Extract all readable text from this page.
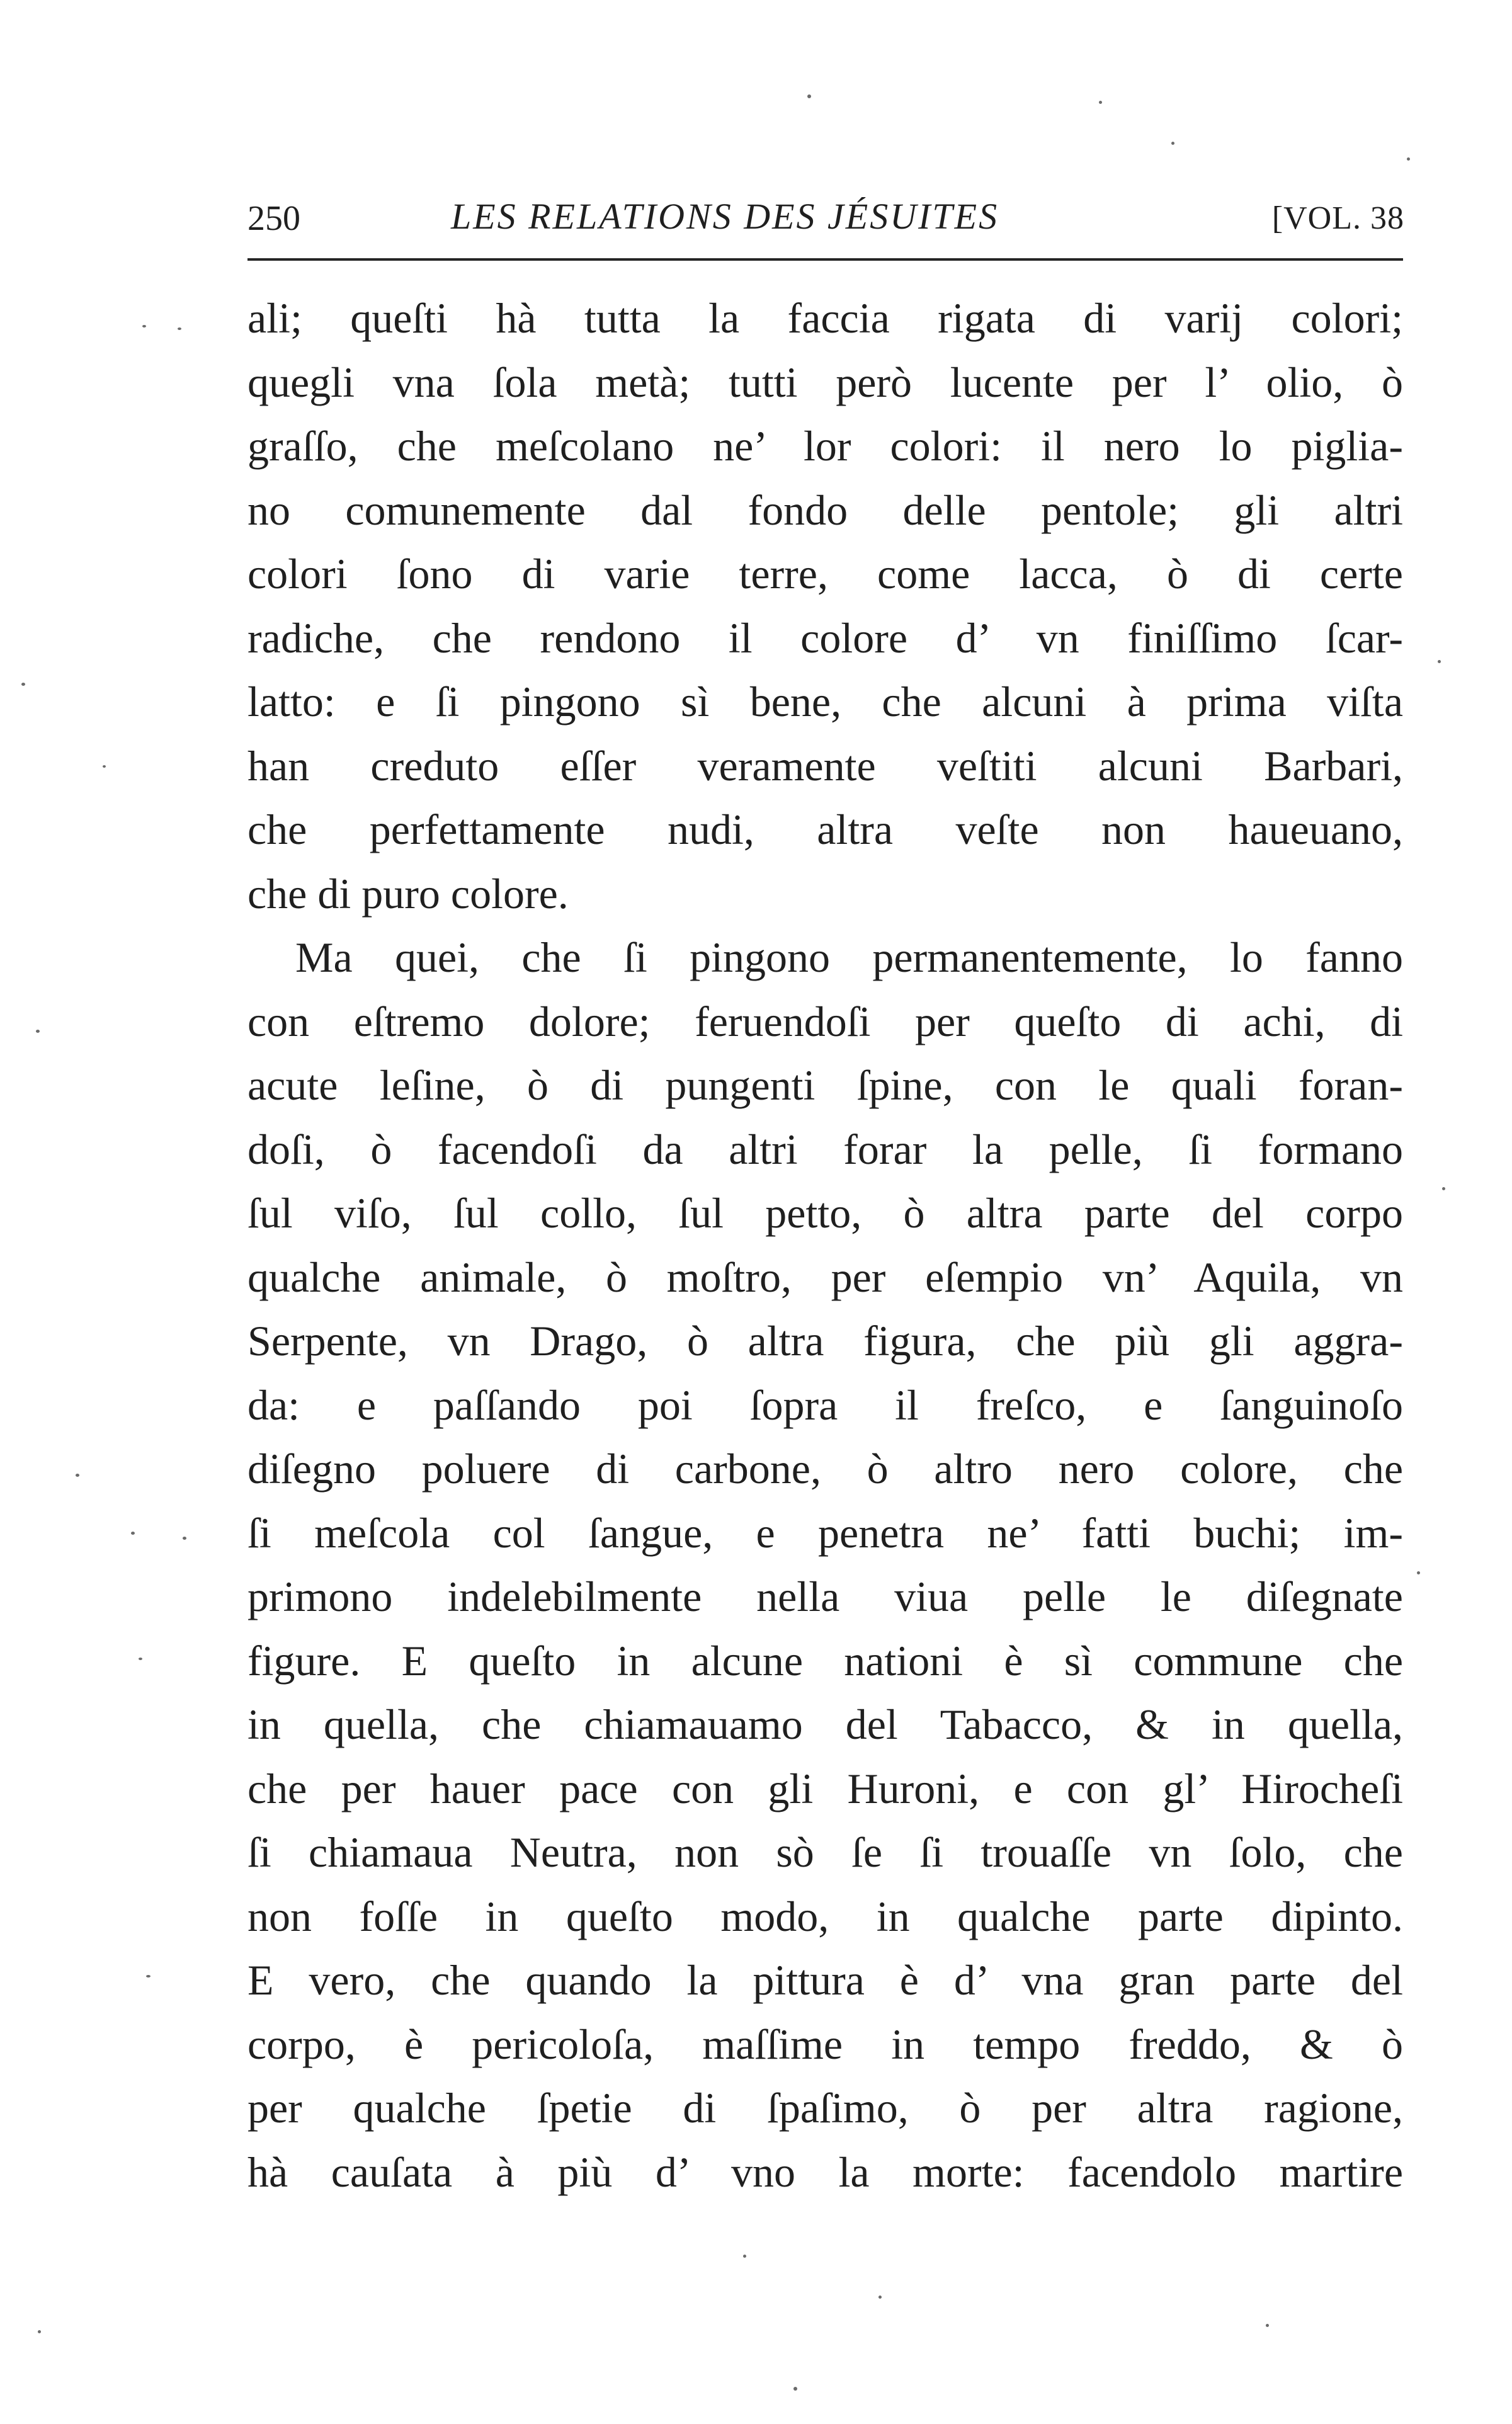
250	LES RELATIONS DES JÉSUITES	[VOL. 38
ali; queſti hà tutta la faccia rigata di varij colori;
quegli vna ſola metà; tutti però lucente per l’ olio, ò
graſſo, che meſcolano ne’ lor colori: il nero lo piglia-
no comunemente dal fondo delle pentole; gli altri
colori ſono di varie terre, come lacca, ò di certe
radiche, che rendono il colore d’ vn finiſſimo ſcar-
latto: e ſi pingono sì bene, che alcuni à prima viſta
han creduto eſſer veramente veſtiti alcuni Barbari,
che perfettamente nudi, altra veſte non haueuano,
che di puro colore.
Ma quei, che ſi pingono permanentemente, lo fanno
con eſtremo dolore; feruendoſi per queſto di achi, di
acute leſine, ò di pungenti ſpine, con le quali foran-
doſi, ò facendoſi da altri forar la pelle, ſi formano
ſul viſo, ſul collo, ſul petto, ò altra parte del corpo
qualche animale, ò moſtro, per eſempio vn’ Aquila, vn
Serpente, vn Drago, ò altra figura, che più gli aggra-
da: e paſſando poi ſopra il freſco, e ſanguinoſo
diſegno poluere di carbone, ò altro nero colore, che
ſi meſcola col ſangue, e penetra ne’ fatti buchi; im-
primono indelebilmente nella viua pelle le diſegnate
figure. E queſto in alcune nationi è sì commune che
in quella, che chiamauamo del Tabacco, & in quella,
che per hauer pace con gli Huroni, e con gl’ Hirocheſi
ſi chiamaua Neutra, non sò ſe ſi trouaſſe vn ſolo, che
non foſſe in queſto modo, in qualche parte dipinto.
E vero, che quando la pittura è d’ vna gran parte del
corpo, è pericoloſa, maſſime in tempo freddo, & ò
per qualche ſpetie di ſpaſimo, ò per altra ragione,
hà cauſata à più d’ vno la morte: facendolo martire
